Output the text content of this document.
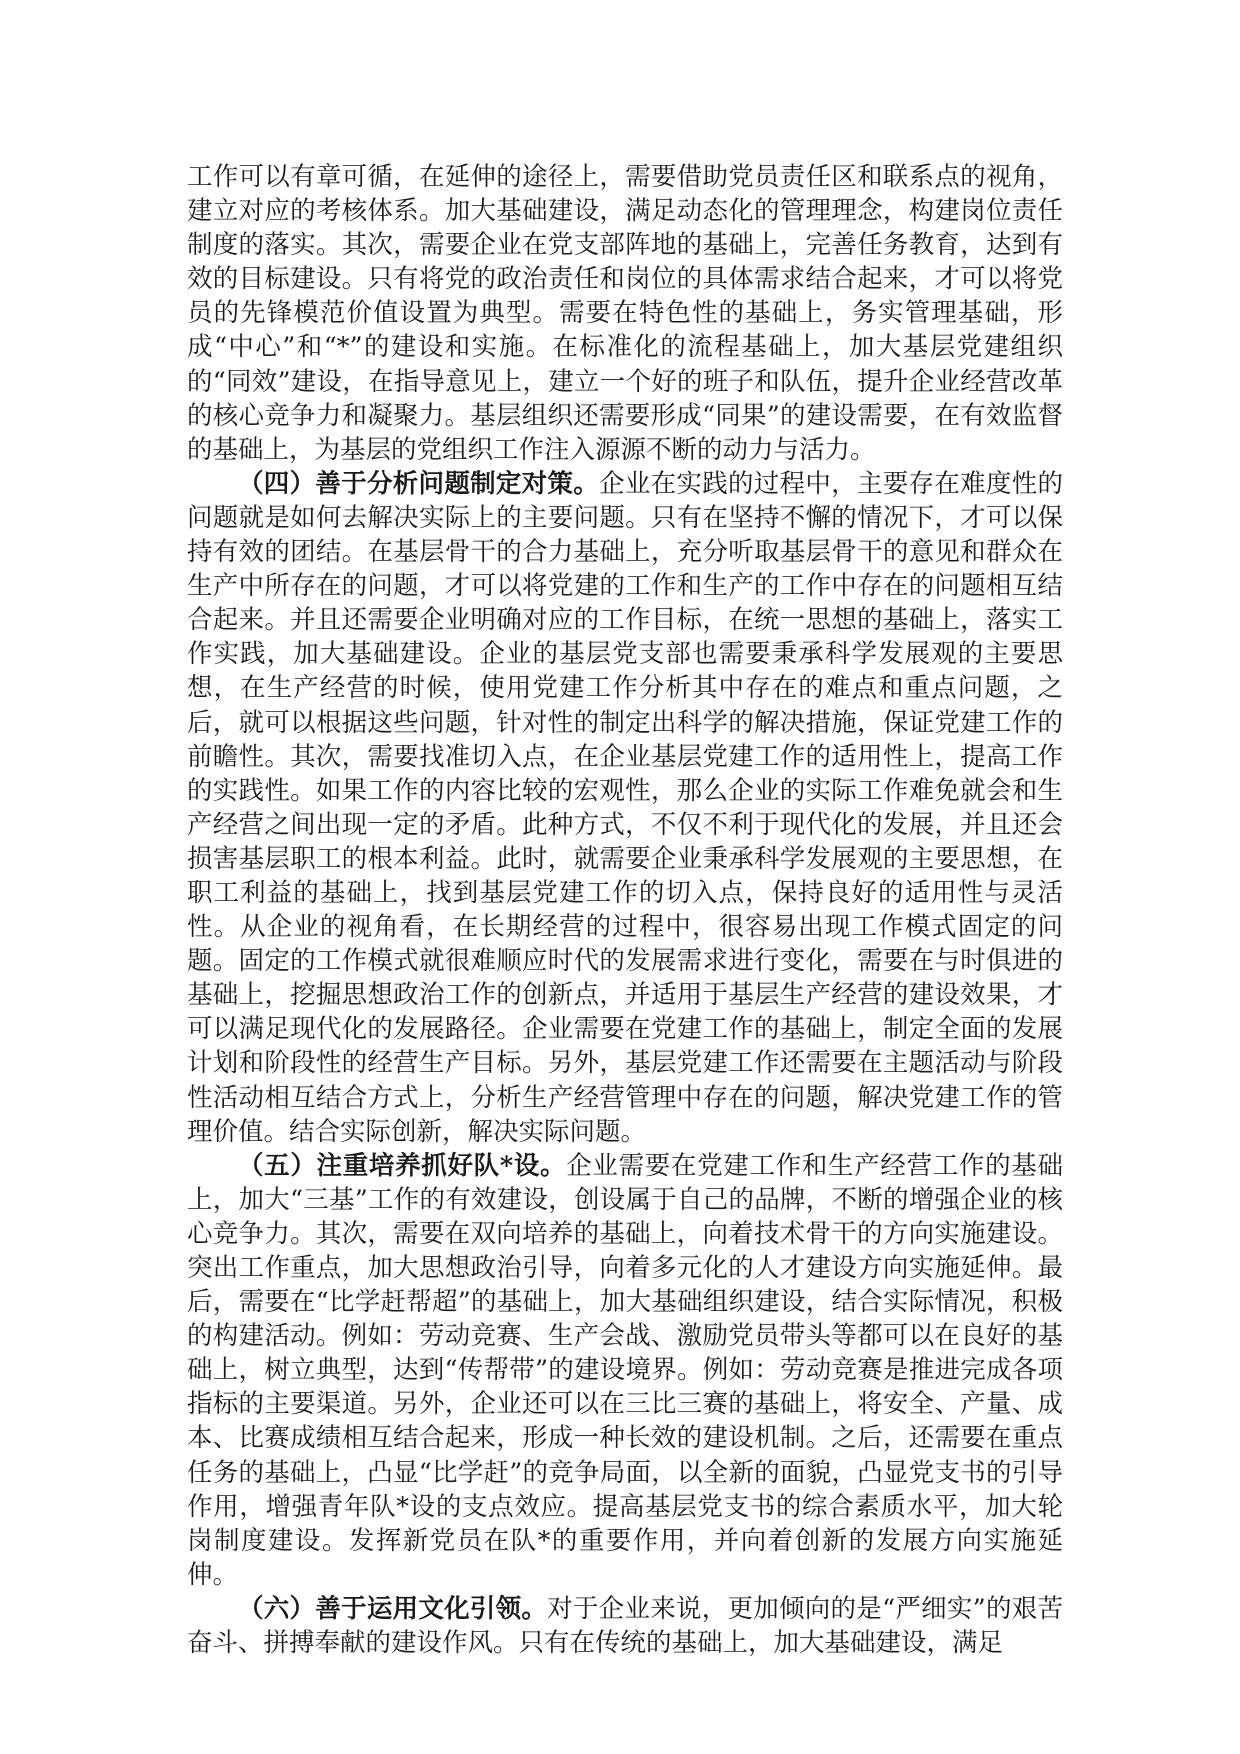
工作可以有章可循，在延伸的途径上，需要借助党员责任区和联系点的视角，建立对应的考核体系。加大基础建设，满足动态化的管理理念，构建岗位责任制度的落实。其次，需要企业在党支部阵地的基础上，完善任务教育，达到有效的目标建设。只有将党的政治责任和岗位的具体需求结合起来，才可以将党员的先锋模范价值设置为典型。需要在特色性的基础上，务实管理基础，形成“中心”和“*”的建设和实施。在标准化的流程基础上，加大基层党建组织的“同效”建设，在指导意见上，建立一个好的班子和队伍，提升企业经营改革的核心竞争力和凝聚力。基层组织还需要形成“同果”的建设需要，在有效监督的基础上，为基层的党组织工作注入源源不断的动力与活力。

（四）善于分析问题制定对策。企业在实践的过程中，主要存在难度性的问题就是如何去解决实际上的主要问题。只有在坚持不懈的情况下，才可以保持有效的团结。在基层骨干的合力基础上，充分听取基层骨干的意见和群众在生产中所存在的问题，才可以将党建的工作和生产的工作中存在的问题相互结合起来。并且还需要企业明确对应的工作目标，在统一思想的基础上，落实工作实践，加大基础建设。企业的基层党支部也需要秉承科学发展观的主要思想，在生产经营的时候，使用党建工作分析其中存在的难点和重点问题，之后，就可以根据这些问题，针对性的制定出科学的解决措施，保证党建工作的前瞻性。其次，需要找准切入点，在企业基层党建工作的适用性上，提高工作的实践性。如果工作的内容比较的宏观性，那么企业的实际工作难免就会和生产经营之间出现一定的矛盾。此种方式，不仅不利于现代化的发展，并且还会损害基层职工的根本利益。此时，就需要企业秉承科学发展观的主要思想，在职工利益的基础上，找到基层党建工作的切入点，保持良好的适用性与灵活性。从企业的视角看，在长期经营的过程中，很容易出现工作模式固定的问题。固定的工作模式就很难顺应时代的发展需求进行变化，需要在与时俱进的基础上，挖掘思想政治工作的创新点，并适用于基层生产经营的建设效果，才可以满足现代化的发展路径。企业需要在党建工作的基础上，制定全面的发展计划和阶段性的经营生产目标。另外，基层党建工作还需要在主题活动与阶段性活动相互结合方式上，分析生产经营管理中存在的问题，解决党建工作的管理价值。结合实际创新，解决实际问题。

（五）注重培养抓好队*设。企业需要在党建工作和生产经营工作的基础上，加大“三基”工作的有效建设，创设属于自己的品牌，不断的增强企业的核心竞争力。其次，需要在双向培养的基础上，向着技术骨干的方向实施建设。突出工作重点，加大思想政治引导，向着多元化的人才建设方向实施延伸。最后，需要在“比学赶帮超”的基础上，加大基础组织建设，结合实际情况，积极的构建活动。例如：劳动竞赛、生产会战、激励党员带头等都可以在良好的基础上，树立典型，达到“传帮带”的建设境界。例如：劳动竞赛是推进完成各项指标的主要渠道。另外，企业还可以在三比三赛的基础上，将安全、产量、成本、比赛成绩相互结合起来，形成一种长效的建设机制。之后，还需要在重点任务的基础上，凸显“比学赶”的竞争局面，以全新的面貌，凸显党支书的引导作用，增强青年队*设的支点效应。提高基层党支书的综合素质水平，加大轮岗制度建设。发挥新党员在队*的重要作用，并向着创新的发展方向实施延伸。

（六）善于运用文化引领。对于企业来说，更加倾向的是“严细实”的艰苦奋斗、拼搏奉献的建设作风。只有在传统的基础上，加大基础建设，满足
